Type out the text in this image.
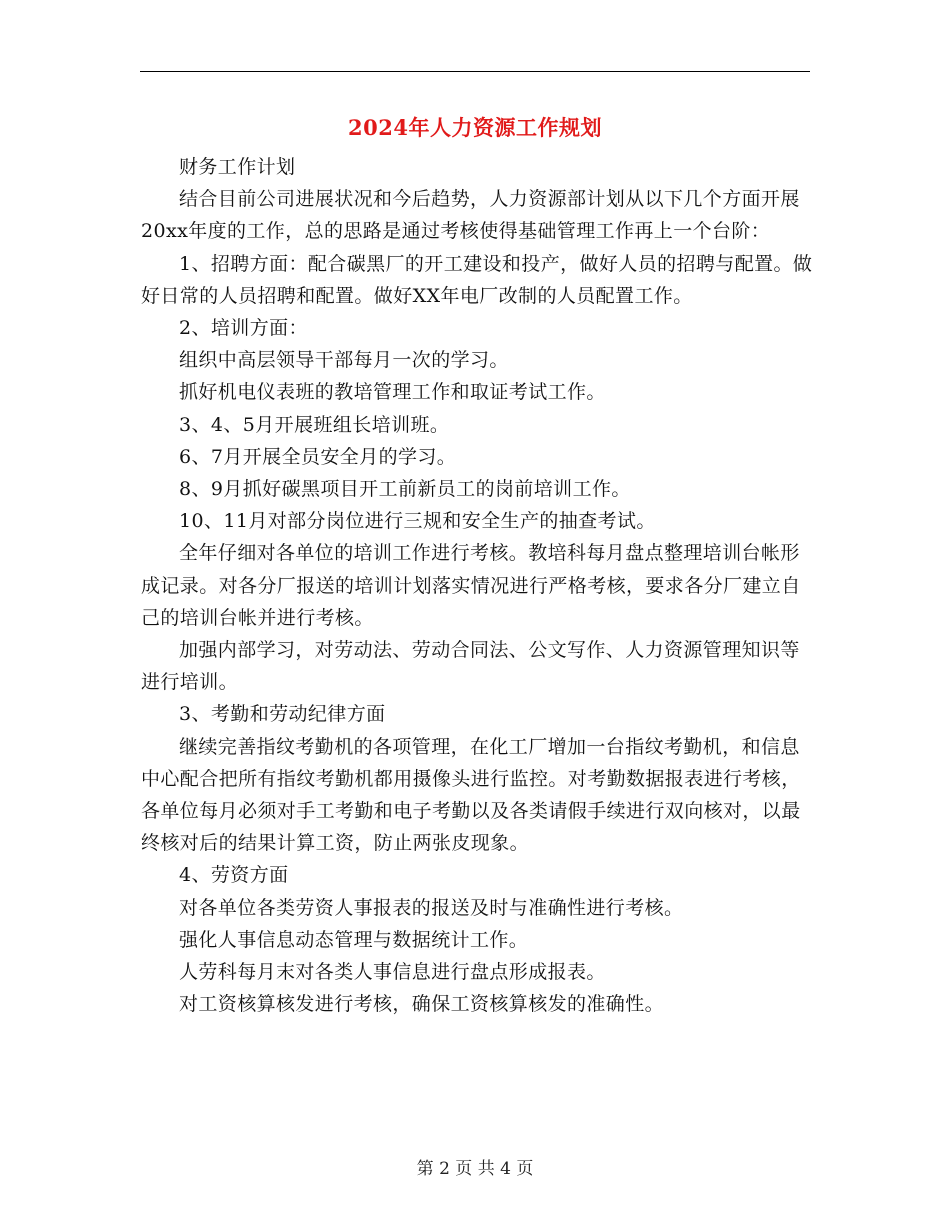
2024年人力资源工作规划

财务工作计划

结合目前公司进展状况和今后趋势，人力资源部计划从以下几个方面开展20xx年度的工作，总的思路是通过考核使得基础管理工作再上一个台阶：

1、招聘方面：配合碳黑厂的开工建设和投产，做好人员的招聘与配置。做好日常的人员招聘和配置。做好XX年电厂改制的人员配置工作。

2、培训方面：

组织中高层领导干部每月一次的学习。

抓好机电仪表班的教培管理工作和取证考试工作。

3、4、5月开展班组长培训班。

6、7月开展全员安全月的学习。

8、9月抓好碳黑项目开工前新员工的岗前培训工作。

10、11月对部分岗位进行三规和安全生产的抽查考试。

全年仔细对各单位的培训工作进行考核。教培科每月盘点整理培训台帐形成记录。对各分厂报送的培训计划落实情况进行严格考核，要求各分厂建立自己的培训台帐并进行考核。

加强内部学习，对劳动法、劳动合同法、公文写作、人力资源管理知识等进行培训。

3、考勤和劳动纪律方面

继续完善指纹考勤机的各项管理，在化工厂增加一台指纹考勤机，和信息中心配合把所有指纹考勤机都用摄像头进行监控。对考勤数据报表进行考核，各单位每月必须对手工考勤和电子考勤以及各类请假手续进行双向核对，以最终核对后的结果计算工资，防止两张皮现象。

4、劳资方面

对各单位各类劳资人事报表的报送及时与准确性进行考核。

强化人事信息动态管理与数据统计工作。

人劳科每月末对各类人事信息进行盘点形成报表。

对工资核算核发进行考核，确保工资核算核发的准确性。

第 2 页 共 4 页
